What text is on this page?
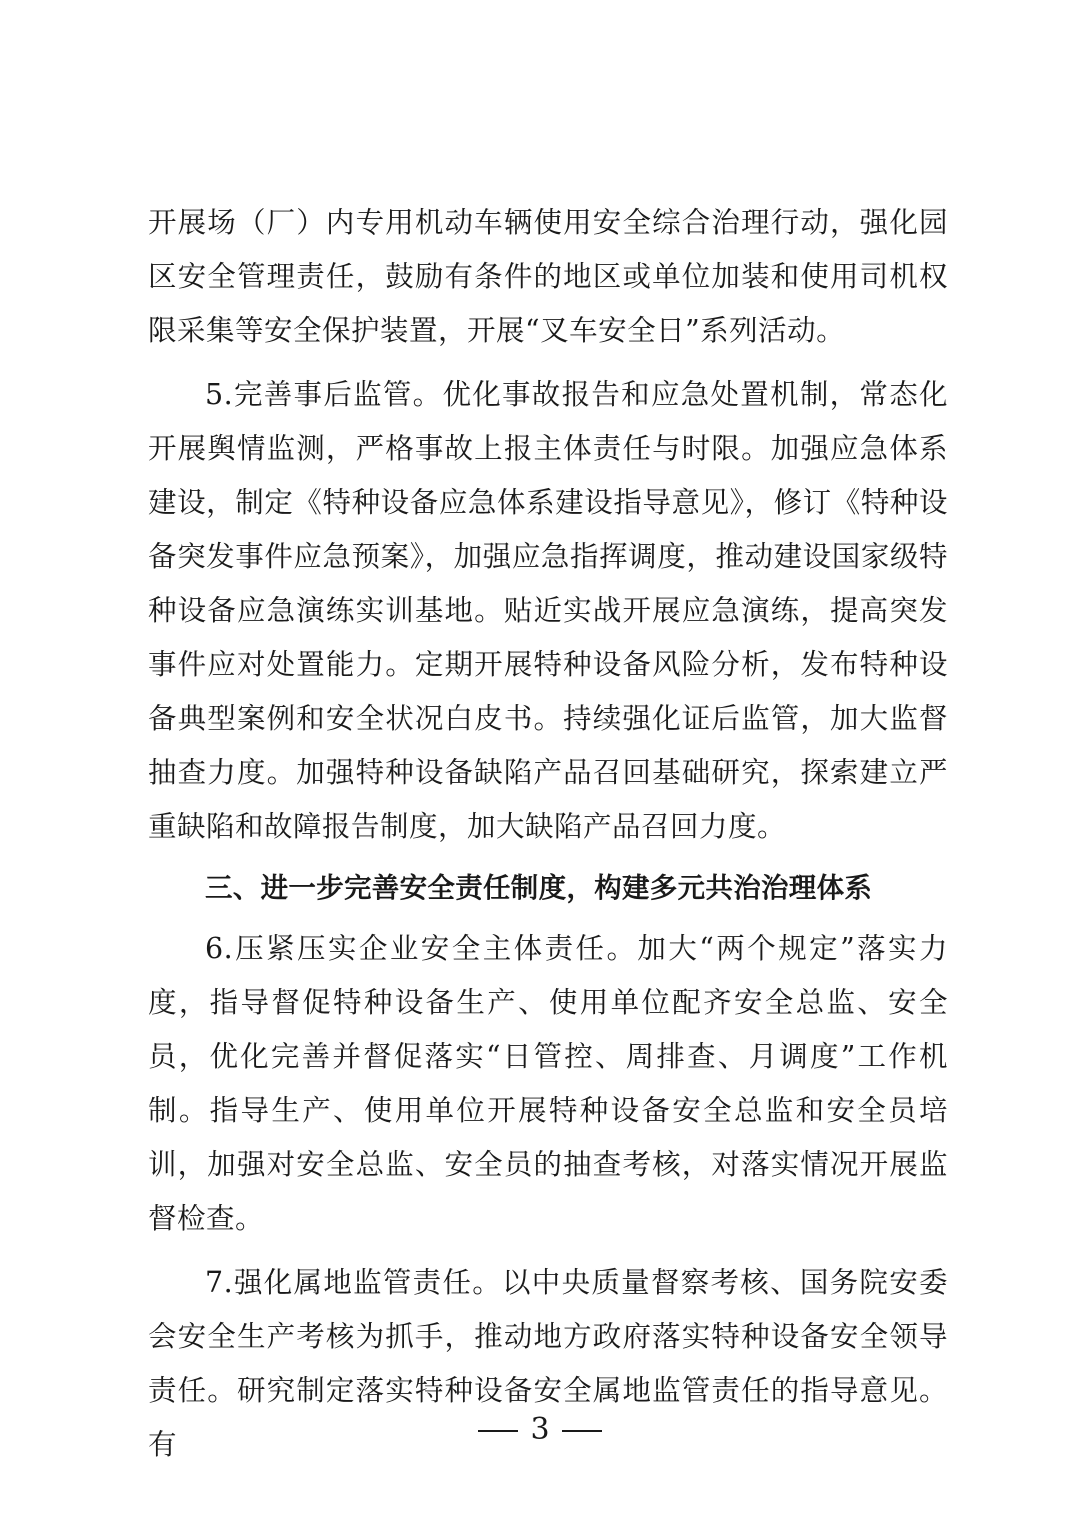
开展场（厂）内专用机动车辆使用安全综合治理行动，强化园区安全管理责任，鼓励有条件的地区或单位加装和使用司机权限采集等安全保护装置，开展“叉车安全日”系列活动。

5.完善事后监管。优化事故报告和应急处置机制，常态化开展舆情监测，严格事故上报主体责任与时限。加强应急体系建设，制定《特种设备应急体系建设指导意见》，修订《特种设备突发事件应急预案》，加强应急指挥调度，推动建设国家级特种设备应急演练实训基地。贴近实战开展应急演练，提高突发事件应对处置能力。定期开展特种设备风险分析，发布特种设备典型案例和安全状况白皮书。持续强化证后监管，加大监督抽查力度。加强特种设备缺陷产品召回基础研究，探索建立严重缺陷和故障报告制度，加大缺陷产品召回力度。

三、进一步完善安全责任制度，构建多元共治治理体系

6.压紧压实企业安全主体责任。加大“两个规定”落实力度，指导督促特种设备生产、使用单位配齐安全总监、安全员，优化完善并督促落实“日管控、周排查、月调度”工作机制。指导生产、使用单位开展特种设备安全总监和安全员培训，加强对安全总监、安全员的抽查考核，对落实情况开展监督检查。

7.强化属地监管责任。以中央质量督察考核、国务院安委会安全生产考核为抓手，推动地方政府落实特种设备安全领导责任。研究制定落实特种设备安全属地监管责任的指导意见。有	3
